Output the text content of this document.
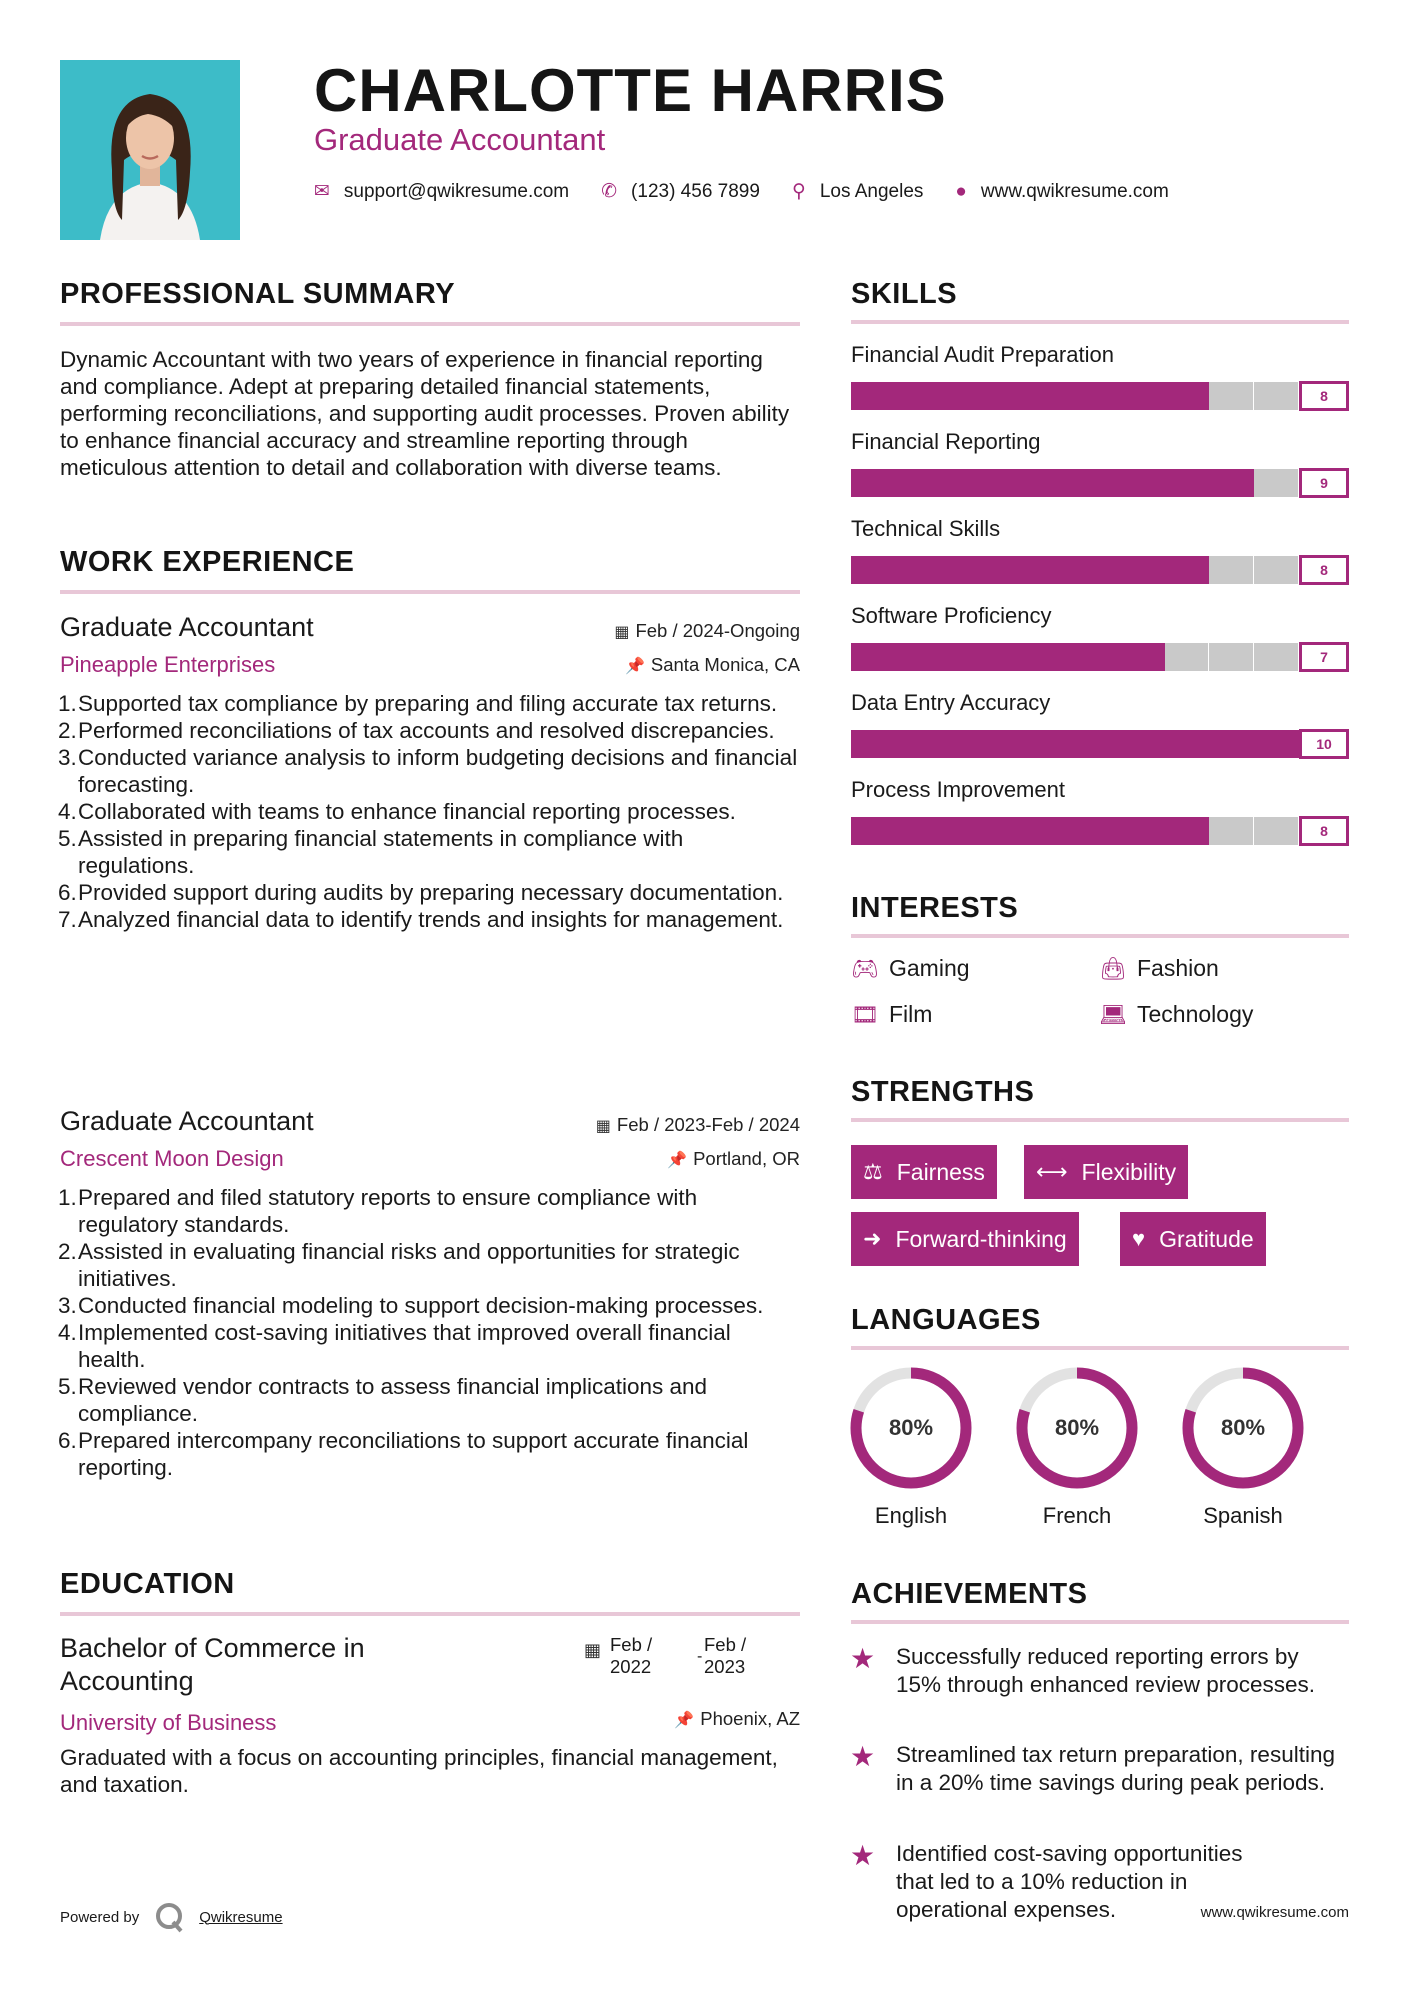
CHARLOTTE HARRIS
Graduate Accountant
✉ support@qwikresume.com ✆ (123) 456 7899 ⚲ Los Angeles ● www.qwikresume.com
PROFESSIONAL SUMMARY
Dynamic Accountant with two years of experience in financial reporting and compliance. Adept at preparing detailed financial statements, performing reconciliations, and supporting audit processes. Proven ability to enhance financial accuracy and streamline reporting through meticulous attention to detail and collaboration with diverse teams.
WORK EXPERIENCE
Graduate Accountant	▦ Feb / 2024-Ongoing
Pineapple Enterprises	📌 Santa Monica, CA
1. Supported tax compliance by preparing and filing accurate tax returns.
2. Performed reconciliations of tax accounts and resolved discrepancies.
3. Conducted variance analysis to inform budgeting decisions and financial forecasting.
4. Collaborated with teams to enhance financial reporting processes.
5. Assisted in preparing financial statements in compliance with regulations.
6. Provided support during audits by preparing necessary documentation.
7. Analyzed financial data to identify trends and insights for management.
Graduate Accountant	▦ Feb / 2023-Feb / 2024
Crescent Moon Design	📌 Portland, OR
1. Prepared and filed statutory reports to ensure compliance with regulatory standards.
2. Assisted in evaluating financial risks and opportunities for strategic initiatives.
3. Conducted financial modeling to support decision-making processes.
4. Implemented cost-saving initiatives that improved overall financial health.
5. Reviewed vendor contracts to assess financial implications and compliance.
6. Prepared intercompany reconciliations to support accurate financial reporting.
EDUCATION
Bachelor of Commerce in Accounting
▦ Feb / 2022	-
Feb / 2023
University of Business	📌 Phoenix, AZ
Graduated with a focus on accounting principles, financial management, and taxation.
Powered by	Qwikresume	www.qwikresume.com
SKILLS
Financial Audit Preparation
8
Financial Reporting
9
Technical Skills
8
Software Proficiency
7
Data Entry Accuracy
10
Process Improvement
8
INTERESTS
🎮︎ Gaming	👜︎ Fashion
🎞︎ Film	💻︎ Technology
STRENGTHS
⚖ Fairness ⟷ Flexibility
➜ Forward-thinking	♥ Gratitude
LANGUAGES
80%
English
80%
French
80%
Spanish
ACHIEVEMENTS
★ Successfully reduced reporting errors by 15% through enhanced review processes.
★ Streamlined tax return preparation, resulting in a 20% time savings during peak periods.
★ Identified cost-saving opportunities that led to a 10% reduction in operational expenses.
